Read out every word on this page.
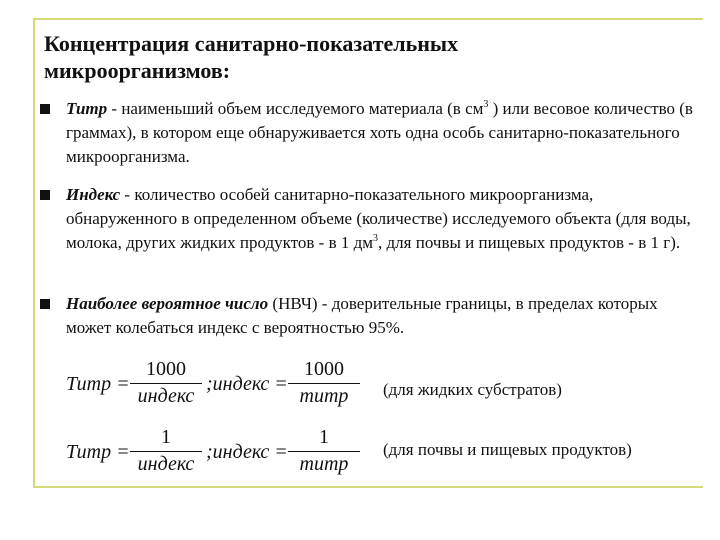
Концентрация санитарно-показательных
микроорганизмов:
Титр - наименьший объем исследуемого материала (в $см^3$ ) или весовое количество (в граммах), в котором еще обнаруживается хоть одна особь санитарно-показательного микроорганизма.
Индекс - количество особей санитарно-показательного микроорганизма, обнаруженного в определенном объеме (количестве) исследуемого объекта (для воды, молока, других жидких продуктов - в 1 $дм^3$, для почвы и пищевых продуктов - в 1 г).
Наиболее вероятное число (НВЧ) - доверительные границы, в пределах которых может колебаться индекс с вероятностью 95%.
Титр =
1000
индекс
;индекс =
1000
титр	(для жидких субстратов)
Титр =
1
индекс
;индекс =
1
титр
(для почвы и пищевых продуктов)
